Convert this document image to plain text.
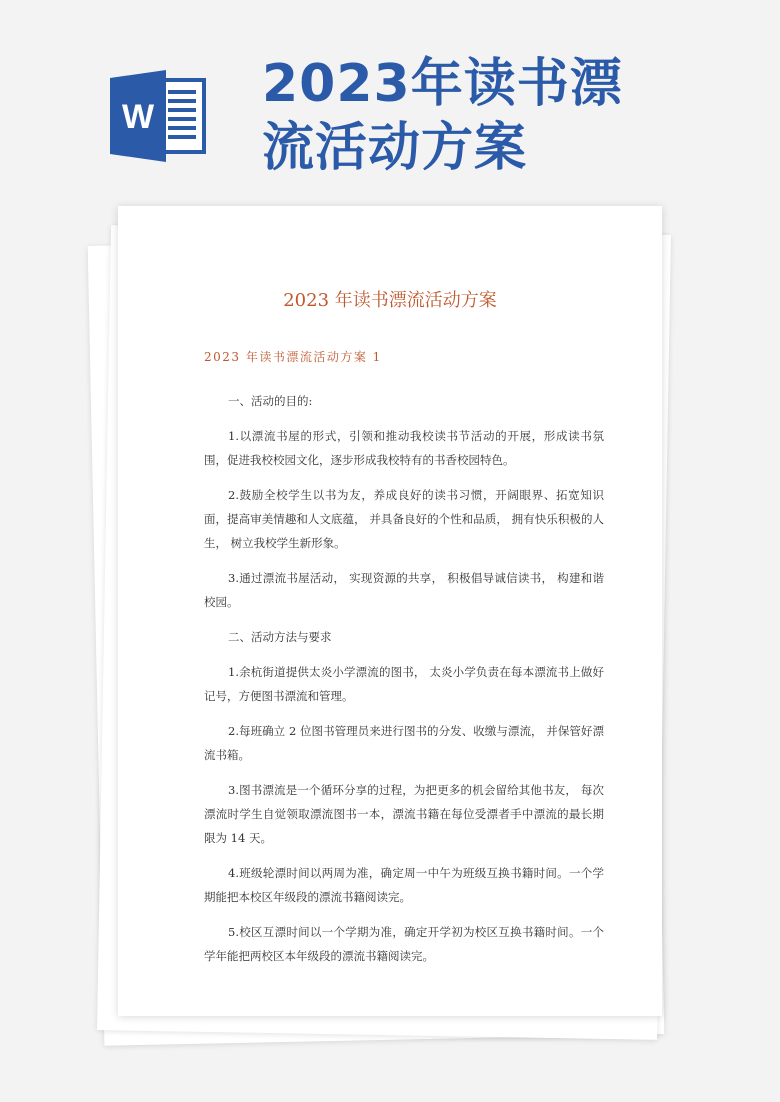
W
2023年读书漂
流活动方案
2023 年读书漂流活动方案
2023 年读书漂流活动方案 1

一、活动的目的:

1.以漂流书屋的形式，引领和推动我校读书节活动的开展，形成读书氛围，促进我校校园文化，逐步形成我校特有的书香校园特色。

2.鼓励全校学生以书为友，养成良好的读书习惯，开阔眼界、拓宽知识面，提高审美情趣和人文底蕴， 并具备良好的个性和品质， 拥有快乐积极的人生， 树立我校学生新形象。

3.通过漂流书屋活动， 实现资源的共享， 积极倡导诚信读书， 构建和谐校园。

二、活动方法与要求

1.余杭街道提供太炎小学漂流的图书， 太炎小学负责在每本漂流书上做好记号，方便图书漂流和管理。

2.每班确立 2 位图书管理员来进行图书的分发、收缴与漂流， 并保管好漂流书箱。

3.图书漂流是一个循环分享的过程，为把更多的机会留给其他书友， 每次漂流时学生自觉领取漂流图书一本，漂流书籍在每位受漂者手中漂流的最长期限为 14 天。

4.班级轮漂时间以两周为准，确定周一中午为班级互换书籍时间。一个学期能把本校区年级段的漂流书籍阅读完。

5.校区互漂时间以一个学期为准，确定开学初为校区互换书籍时间。一个学年能把两校区本年级段的漂流书籍阅读完。
